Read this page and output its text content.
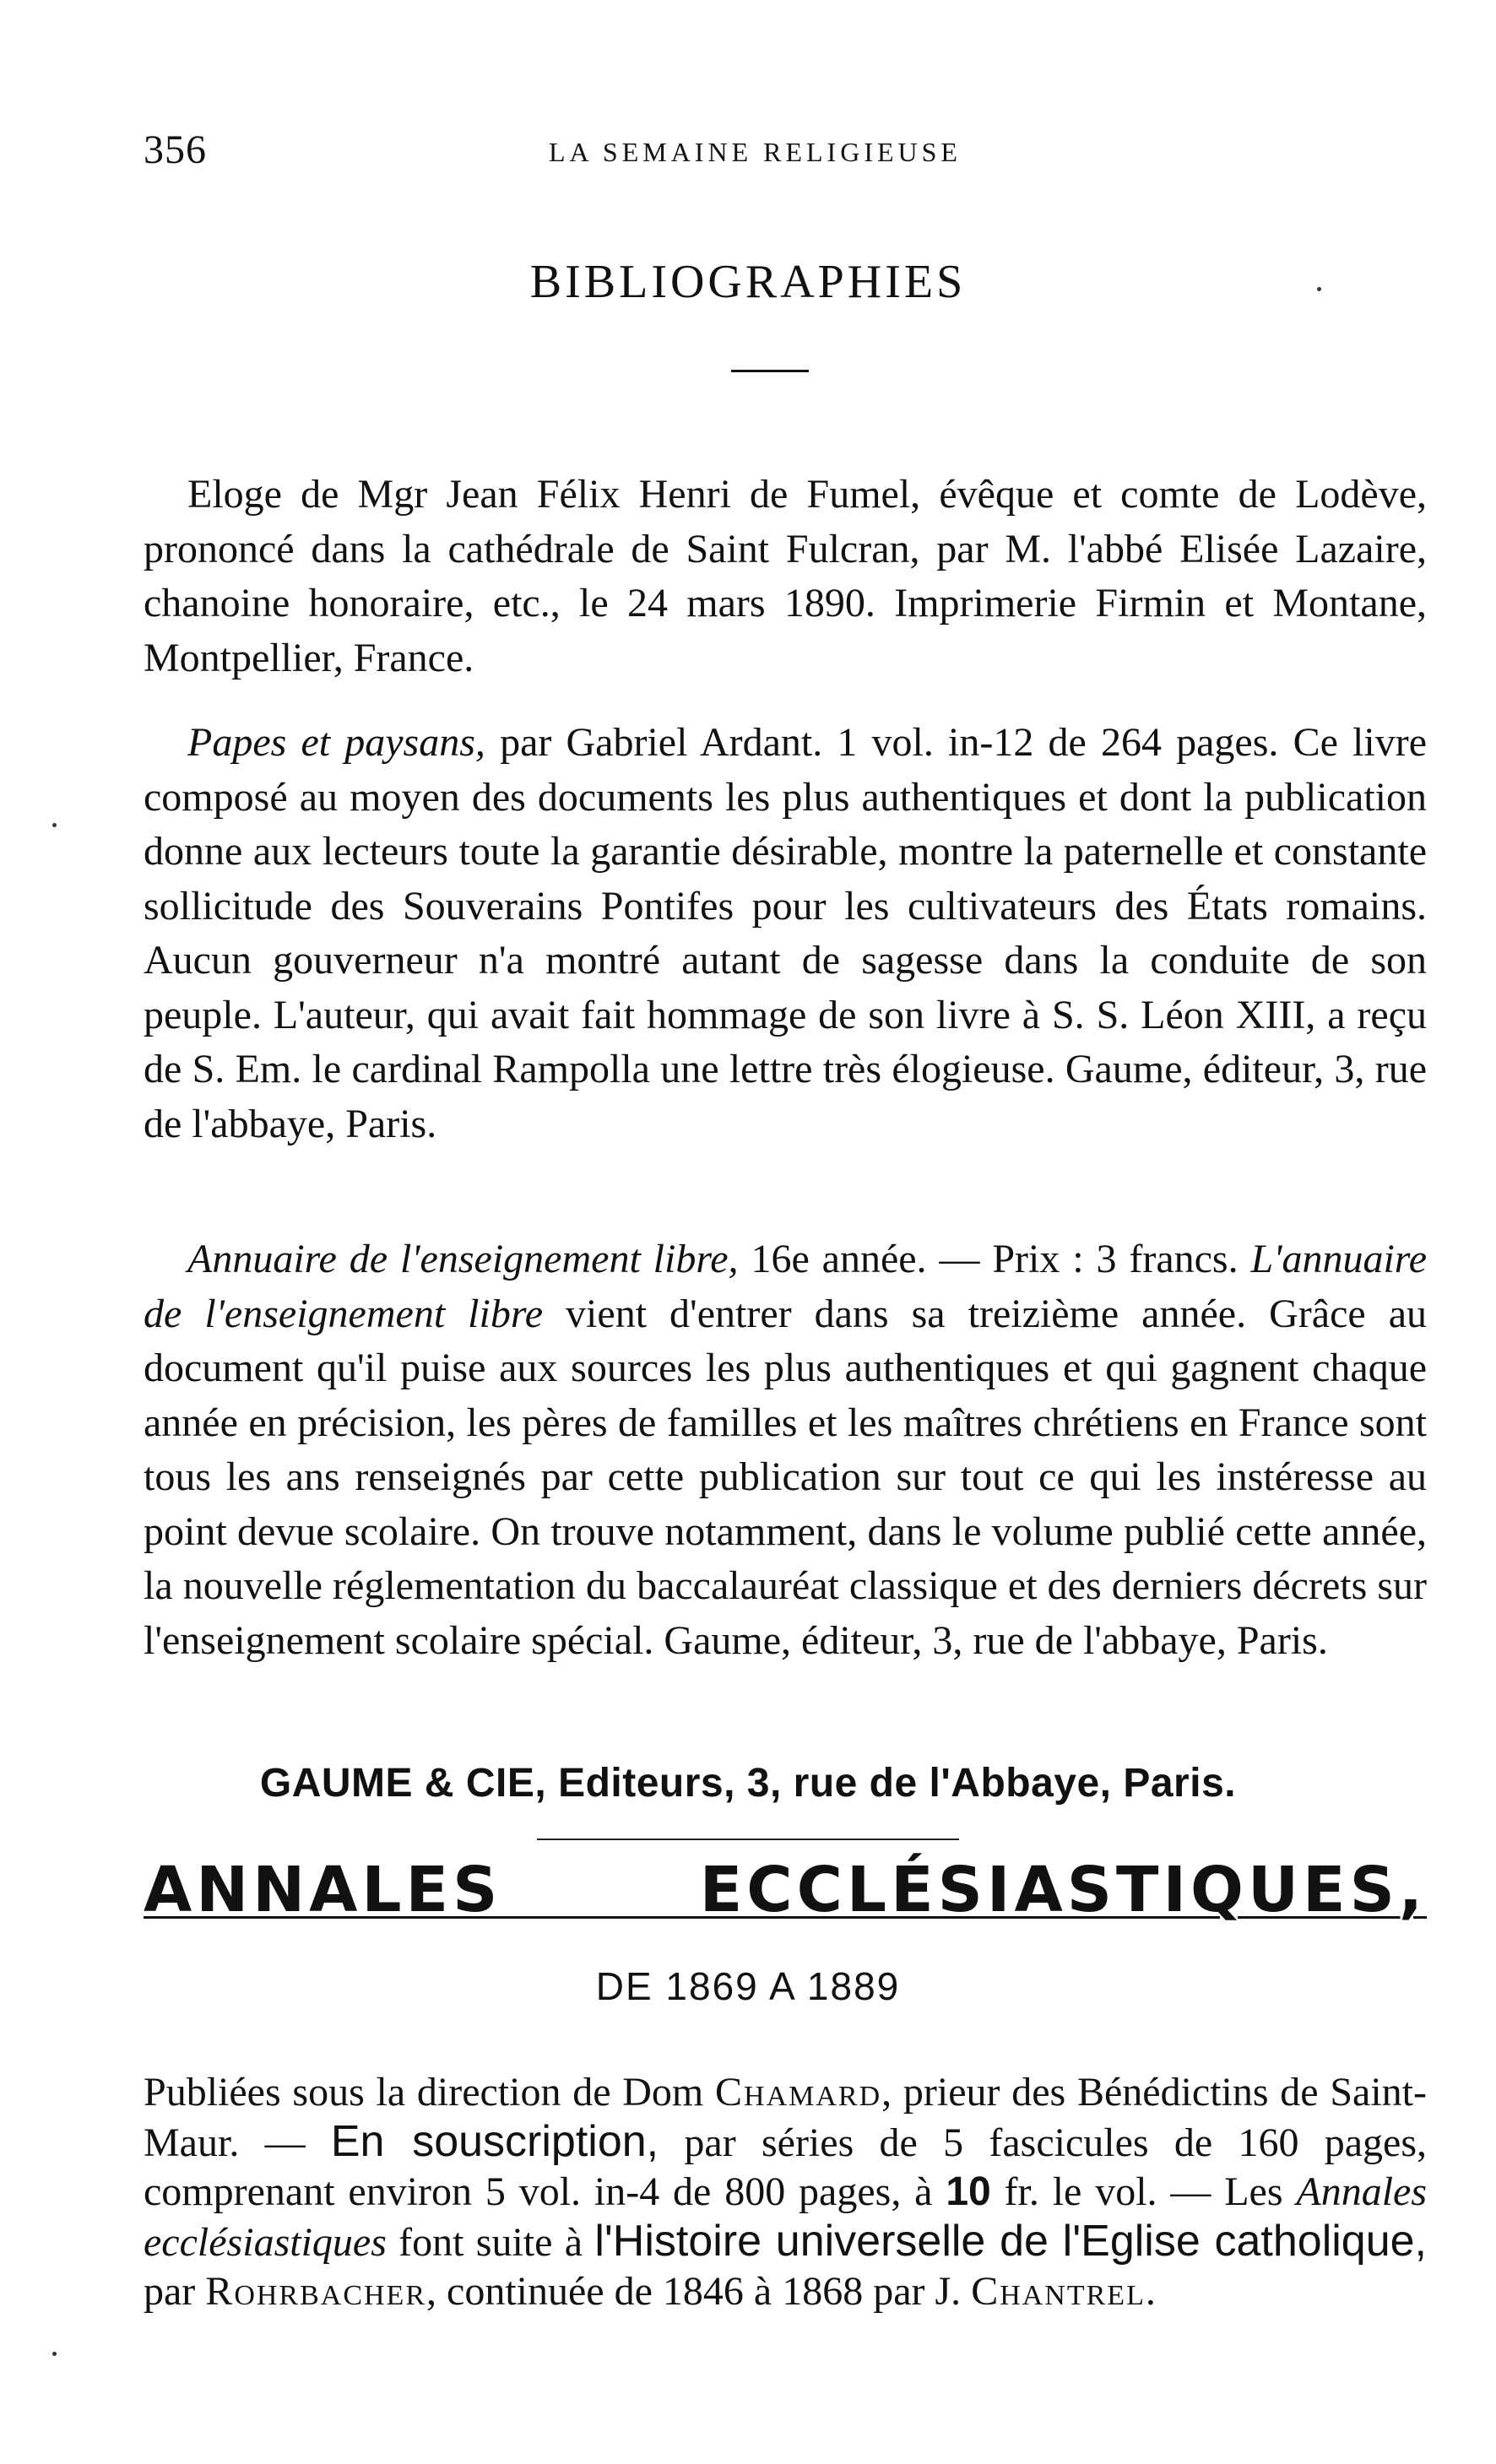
356	LA SEMAINE RELIGIEUSE
BIBLIOGRAPHIES

Eloge de Mgr Jean Félix Henri de Fumel, évêque et comte de Lodève, prononcé dans la cathédrale de Saint Fulcran, par M. l'abbé Elisée Lazaire, chanoine honoraire, etc., le 24 mars 1890. Imprimerie Firmin et Montane, Montpellier, France.

Papes et paysans, par Gabriel Ardant. 1 vol. in-12 de 264 pages. Ce livre composé au moyen des documents les plus authentiques et dont la publication donne aux lecteurs toute la garantie désirable, montre la paternelle et constante sollicitude des Souverains Pontifes pour les cultivateurs des États romains. Aucun gouverneur n'a montré autant de sagesse dans la conduite de son peuple. L'auteur, qui avait fait hommage de son livre à S. S. Léon XIII, a reçu de S. Em. le cardinal Rampolla une lettre très élogieuse. Gaume, éditeur, 3, rue de l'abbaye, Paris.

Annuaire de l'enseignement libre, 16e année. — Prix : 3 francs. L'annuaire de l'enseignement libre vient d'entrer dans sa treizième année. Grâce au document qu'il puise aux sources les plus authentiques et qui gagnent chaque année en précision, les pères de familles et les maîtres chrétiens en France sont tous les ans renseignés par cette publication sur tout ce qui les instéresse au point devue scolaire. On trouve notamment, dans le volume publié cette année, la nouvelle réglementation du baccalauréat classique et des derniers décrets sur l'enseignement scolaire spécial. Gaume, éditeur, 3, rue de l'abbaye, Paris.

GAUME & CIE, Editeurs, 3, rue de l'Abbaye, Paris.
ANNALES ECCLÉSIASTIQUES,
DE 1869 A 1889

Publiées sous la direction de Dom Chamard, prieur des Bénédictins de Saint-Maur. — En souscription, par séries de 5 fascicules de 160 pages, comprenant environ 5 vol. in-4 de 800 pages, à 10 fr. le vol. — Les Annales ecclésiastiques font suite à l'Histoire universelle de l'Eglise catholique, par Rohrbacher, continuée de 1846 à 1868 par J. Chantrel.
